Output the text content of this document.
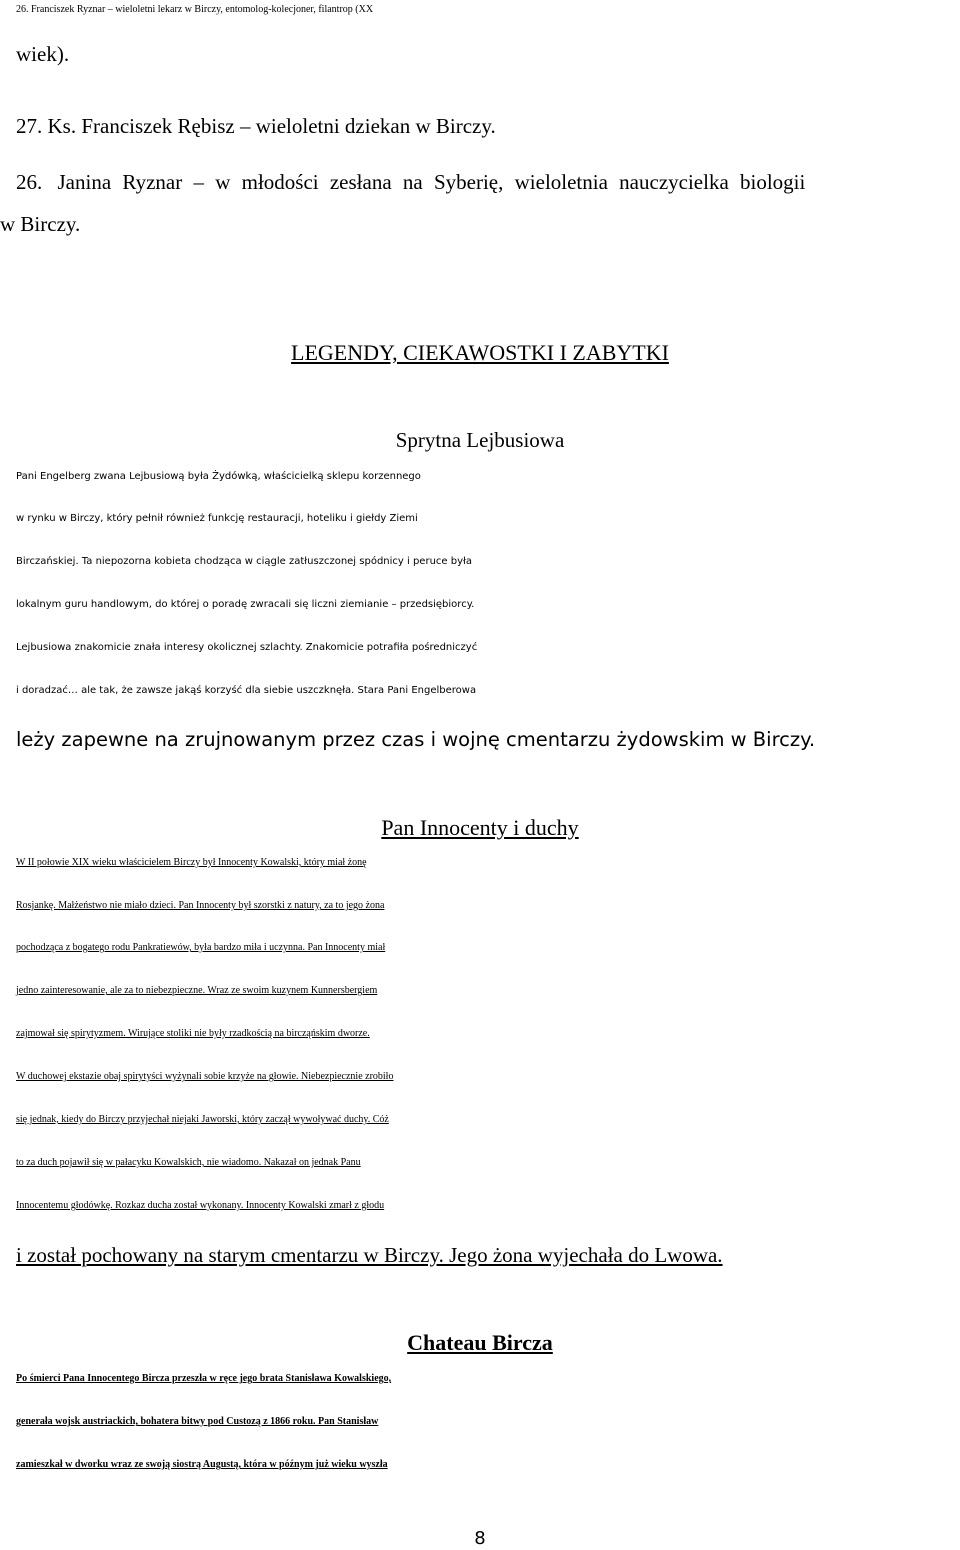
26. Franciszek Ryznar – wieloletni lekarz w Birczy, entomolog-kolecjoner, filantrop (XX
wiek).
27. Ks. Franciszek Rębisz – wieloletni dziekan w Birczy.
26. Janina Ryznar – w młodości zesłana na Syberię, wieloletnia nauczycielka biologii
w Birczy.
LEGENDY, CIEKAWOSTKI I ZABYTKI
Sprytna Lejbusiowa
Pani Engelberg zwana Lejbusiową była Żydówką, właścicielką sklepu korzennego
w rynku w Birczy, który pełnił również funkcję restauracji, hoteliku i giełdy Ziemi
Birczańskiej. Ta niepozorna kobieta chodząca w ciągle zatłuszczonej spódnicy i peruce była
lokalnym guru handlowym, do której o poradę zwracali się liczni ziemianie – przedsiębiorcy.
Lejbusiowa znakomicie znała interesy okolicznej szlachty. Znakomicie potrafiła pośredniczyć
i doradzać… ale tak, że zawsze jakąś korzyść dla siebie uszczknęła. Stara Pani Engelberowa
leży zapewne na zrujnowanym przez czas i wojnę cmentarzu żydowskim w Birczy.
Pan Innocenty i duchy
W II połowie XIX wieku właścicielem Birczy był Innocenty Kowalski, który miał żonę
Rosjankę. Małżeństwo nie miało dzieci. Pan Innocenty był szorstki z natury, za to jego żona
pochodząca z bogatego rodu Pankratiewów, była bardzo miła i uczynna. Pan Innocenty miał
jedno zainteresowanie, ale za to niebezpieczne. Wraz ze swoim kuzynem Kunnersbergiem
zajmował się spirytyzmem. Wirujące stoliki nie były rzadkością na bircząńskim dworze.
W duchowej ekstazie obaj spirytyści wyżynali sobie krzyże na głowie. Niebezpiecznie zrobiło
się jednak, kiedy do Birczy przyjechał niejaki Jaworski, który zaczął wywoływać duchy. Cóż
to za duch pojawił się w pałacyku Kowalskich, nie wiadomo. Nakazał on jednak Panu
Innocentemu głodówkę. Rozkaz ducha został wykonany. Innocenty Kowalski zmarł z głodu
i został pochowany na starym cmentarzu w Birczy. Jego żona wyjechała do Lwowa.
Chateau Bircza
Po śmierci Pana Innocentego Bircza przeszła w ręce jego brata Stanisława Kowalskiego,
generała wojsk austriackich, bohatera bitwy pod Custozą z 1866 roku. Pan Stanisław
zamieszkał w dworku wraz ze swoją siostrą Augustą, która w późnym już wieku wyszła
8
